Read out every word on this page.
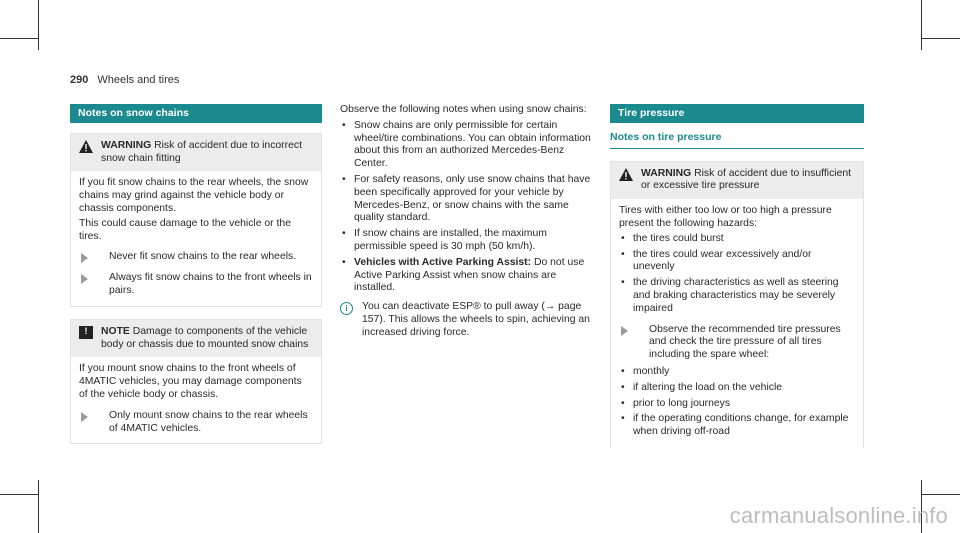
290 Wheels and tires
Notes on snow chains
WARNING Risk of accident due to incorrect snow chain fitting

If you fit snow chains to the rear wheels, the snow chains may grind against the vehicle body or chassis components.

This could cause damage to the vehicle or the tires.

Never fit snow chains to the rear wheels.
Always fit snow chains to the front wheels in pairs.
!	NOTE Damage to components of the vehicle body or chassis due to mounted snow chains

If you mount snow chains to the front wheels of 4MATIC vehicles, you may damage components of the vehicle body or chassis.

Only mount snow chains to the rear wheels of 4MATIC vehicles.

Observe the following notes when using snow chains:

• Snow chains are only permissible for certain wheel/tire combinations. You can obtain information about this from an authorized Mercedes-Benz Center.
• For safety reasons, only use snow chains that have been specifically approved for your vehicle by Mercedes-Benz, or snow chains with the same quality standard.
• If snow chains are installed, the maximum permissible speed is 30 mph (50 km/h).
• Vehicles with Active Parking Assist: Do not use Active Parking Assist when snow chains are installed.
i	You can deactivate ESP® to pull away (→ page 157). This allows the wheels to spin, achieving an increased driving force.
Tire pressure
Notes on tire pressure
WARNING Risk of accident due to insufficient or excessive tire pressure

Tires with either too low or too high a pressure present the following hazards:

• the tires could burst
• the tires could wear excessively and/or unevenly
• the driving characteristics as well as steering and braking characteristics may be severely impaired
Observe the recommended tire pressures and check the tire pressure of all tires including the spare wheel:
• monthly
• if altering the load on the vehicle
• prior to long journeys
• if the operating conditions change, for example when driving off-road
carmanualsonline.info
